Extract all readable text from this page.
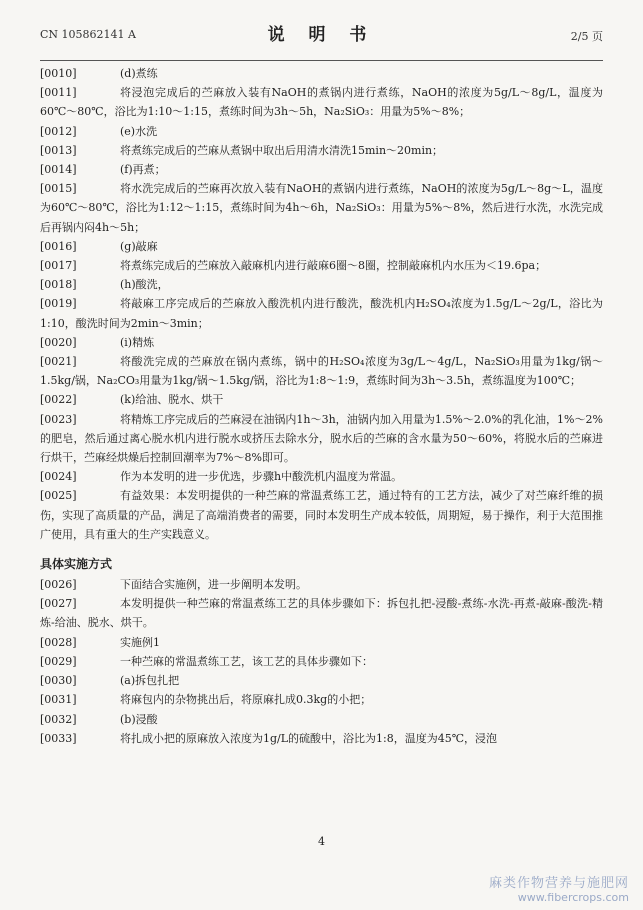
CN 105862141 A	说 明 书	2/5 页
[0010]	(d)煮练
[0011]	将浸泡完成后的苎麻放入装有NaOH的煮锅内进行煮练，NaOH的浓度为5g/L～8g/L，温度为60℃～80℃，浴比为1:10～1:15，煮练时间为3h～5h，Na₂SiO₃：用量为5%～8%；
[0012]	(e)水洗
[0013]	将煮练完成后的苎麻从煮锅中取出后用清水清洗15min～20min；
[0014]	(f)再煮；
[0015]	将水洗完成后的苎麻再次放入装有NaOH的煮锅内进行煮练，NaOH的浓度为5g/L～8g～L，温度为60℃～80℃，浴比为1:12～1:15，煮练时间为4h～6h，Na₂SiO₃：用量为5%～8%，然后进行水洗，水洗完成后再锅内闷4h～5h；
[0016]	(g)敲麻
[0017]	将煮练完成后的苎麻放入敲麻机内进行敲麻6圈～8圈，控制敲麻机内水压为＜19.6pa；
[0018]	(h)酸洗，
[0019]	将敲麻工序完成后的苎麻放入酸洗机内进行酸洗，酸洗机内H₂SO₄浓度为1.5g/L～2g/L，浴比为1:10，酸洗时间为2min～3min；
[0020]	(i)精炼
[0021]	将酸洗完成的苎麻放在锅内煮练，锅中的H₂SO₄浓度为3g/L～4g/L，Na₂SiO₃用量为1kg/锅～1.5kg/锅，Na₂CO₃用量为1kg/锅～1.5kg/锅，浴比为1:8～1:9，煮练时间为3h～3.5h，煮练温度为100℃；
[0022]	(k)给油、脱水、烘干
[0023]	将精炼工序完成后的苎麻浸在油锅内1h～3h，油锅内加入用量为1.5%～2.0%的乳化油，1%～2%的肥皂，然后通过离心脱水机内进行脱水或挤压去除水分，脱水后的苎麻的含水量为50～60%，将脱水后的苎麻进行烘干，苎麻经烘燥后控制回潮率为7%～8%即可。
[0024]	作为本发明的进一步优选，步骤h中酸洗机内温度为常温。
[0025]	有益效果：本发明提供的一种苎麻的常温煮练工艺，通过特有的工艺方法，减少了对苎麻纤维的损伤，实现了高质量的产品，满足了高端消费者的需要，同时本发明生产成本较低，周期短，易于操作，利于大范围推广使用，具有重大的生产实践意义。
具体实施方式
[0026]	下面结合实施例，进一步阐明本发明。
[0027]	本发明提供一种苎麻的常温煮练工艺的具体步骤如下：拆包扎把-浸酸-煮练-水洗-再煮-敲麻-酸洗-精炼-给油、脱水、烘干。
[0028]	实施例1
[0029]	一种苎麻的常温煮练工艺，该工艺的具体步骤如下：
[0030]	(a)拆包扎把
[0031]	将麻包内的杂物挑出后，将原麻扎成0.3kg的小把；
[0032]	(b)浸酸
[0033]	将扎成小把的原麻放入浓度为1g/L的硫酸中，浴比为1:8，温度为45℃，浸泡
4
麻类作物营养与施肥网
www.fibercrops.com
